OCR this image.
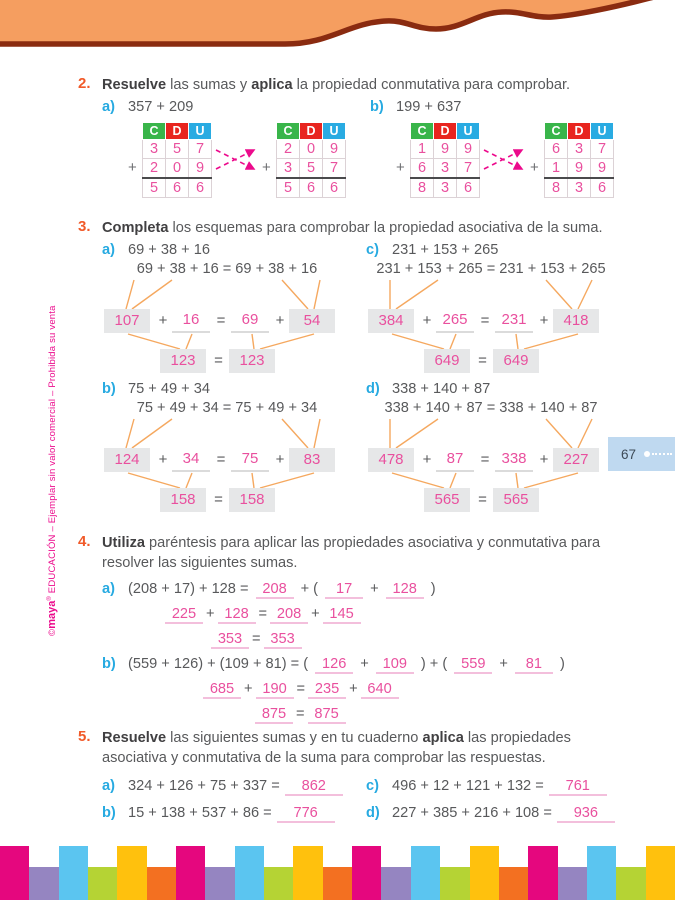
©maya® EDUCACIÓN – Ejemplar sin valor comercial – Prohibida su venta	67
2. Resuelve las sumas y aplica la propiedad conmutativa para comprobar.
a) 357 + 209
+
C	D	U
3	5	7
2	0	9
5	6	6
+
C	D	U
2	0	9
3	5	7
5	6	6
b) 199 + 637
+
C	D	U
1	9	9
6	3	7
8	3	6
+
C	D	U
6	3	7
1	9	9
8	3	6
3. Completa los esquemas para comprobar la propiedad asociativa de la suma.
a) 69 + 38 + 16
69 + 38 + 16 = 69 + 38 + 16
107	+	16	=	69	+	54
123	=	123
c) 231 + 153 + 265
231 + 153 + 265 = 231 + 153 + 265
384	+ 265 = 231 +	418
649	=	649
b) 75 + 49 + 34
75 + 49 + 34 = 75 + 49 + 34
124	+	34	=	75	+	83
158	=	158
d) 338 + 140 + 87
338 + 140 + 87 = 338 + 140 + 87
478	+	87	= 338 +	227
565	=	565
4. Utiliza paréntesis para aplicar las propiedades asociativa y conmutativa para resolver las siguientes sumas.
a) (208 + 17) + 128 = 208 + ( 17 + 128 )
225 + 128 = 208 + 145
353 = 353
b) (559 + 126) + (109 + 81) = ( 126 + 109 ) + ( 559 + 81 )
685 + 190 = 235 + 640
875 = 875
5. Resuelve las siguientes sumas y en tu cuaderno aplica las propiedades asociativa y conmutativa de la suma para comprobar las respuestas.
a) 324 + 126 + 75 + 337 =	862	c) 496 + 12 + 121 + 132 =	761
b) 15 + 138 + 537 + 86 =	776	d) 227 + 385 + 216 + 108 =	936
